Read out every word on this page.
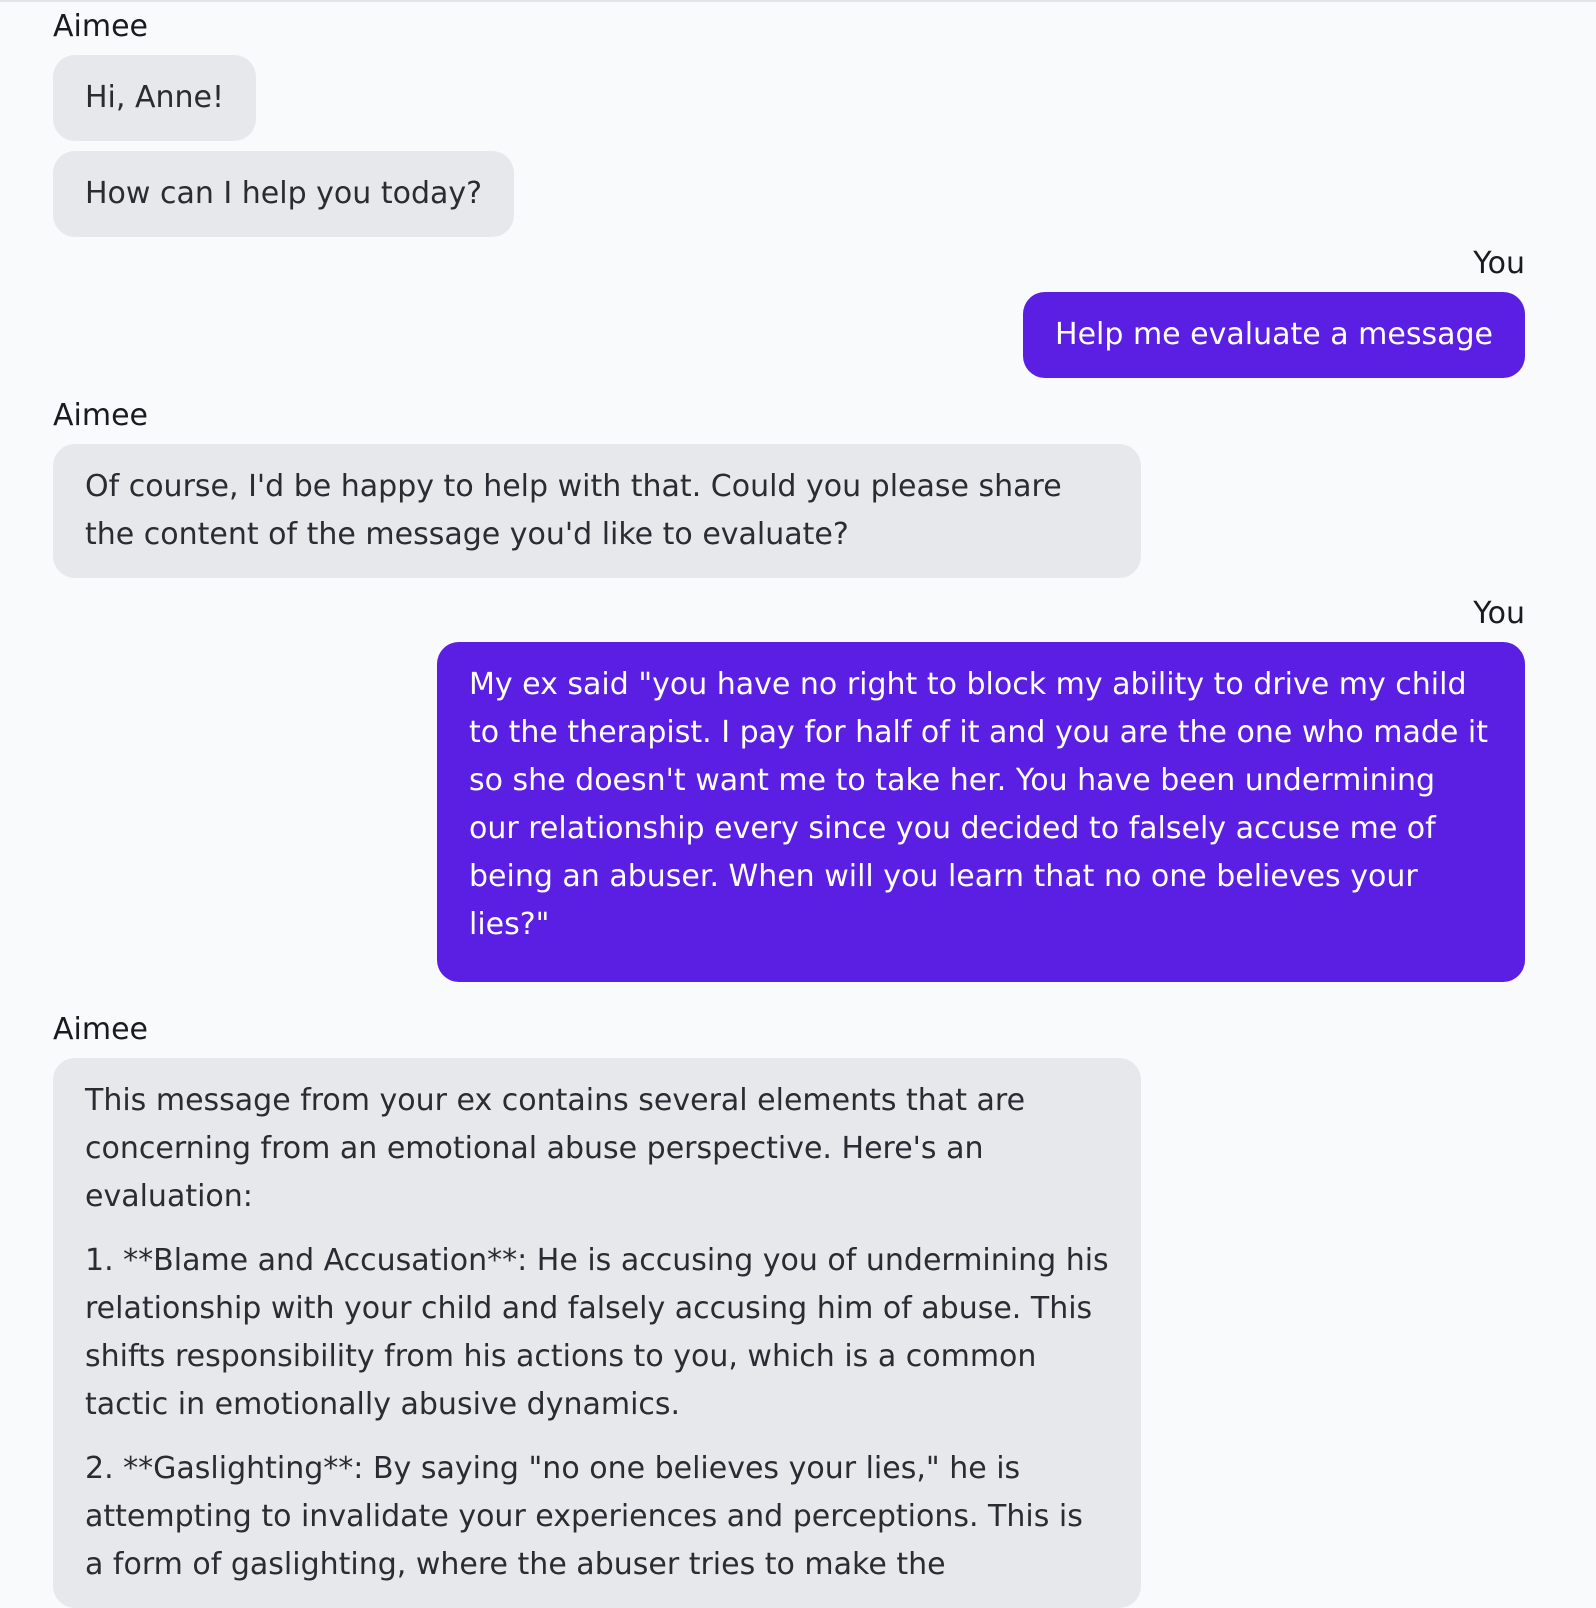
Aimee

Hi, Anne!

How can I help you today?

You

Help me evaluate a message

Aimee

Of course, I'd be happy to help with that. Could you please share the content of the message you'd like to evaluate?

You

My ex said "you have no right to block my ability to drive my child to the therapist. I pay for half of it and you are the one who made it so she doesn't want me to take her. You have been undermining our relationship every since you decided to falsely accuse me of being an abuser. When will you learn that no one believes your lies?"

Aimee

This message from your ex contains several elements that are concerning from an emotional abuse perspective. Here's an evaluation:

1. **Blame and Accusation**: He is accusing you of undermining his relationship with your child and falsely accusing him of abuse. This shifts responsibility from his actions to you, which is a common tactic in emotionally abusive dynamics.

2. **Gaslighting**: By saying "no one believes your lies," he is attempting to invalidate your experiences and perceptions. This is a form of gaslighting, where the abuser tries to make the
